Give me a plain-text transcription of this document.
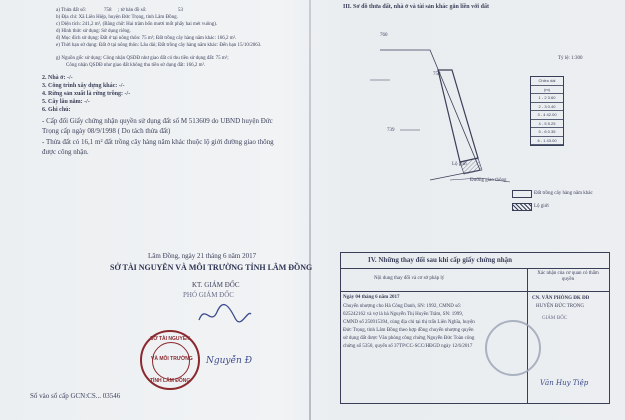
a) Thửa đất số:	758 ; tờ bản đồ số:	53
b) Địa chỉ: Xã Liên Hiệp, huyện Đức Trọng, tỉnh Lâm Đồng.
c) Diện tích: 241,2 m², (Bằng chữ: Hai trăm bốn mươi mốt phẩy hai mét vuông).
d) Hình thức sử dụng: Sử dụng riêng.
đ) Mục đích sử dụng: Đất ở tại nông thôn: 75 m²; Đất trồng cây hàng năm khác: 166,2 m².
e) Thời hạn sử dụng: Đất ở tại nông thôn: Lâu dài; Đất trồng cây hàng năm khác: Đến hạn 15/10/2063.
g) Nguồn gốc sử dụng: Công nhận QSDĐ như giao đất có thu tiền sử dụng đất: 75 m²;
Công nhận QSDĐ như giao đất không thu tiền sử dụng đất: 166,2 m².
2. Nhà ở: -/-
3. Công trình xây dựng khác: -/-
4. Rừng sản xuất là rừng trồng: -/-
5. Cây lâu năm: -/-
6. Ghi chú:
- Cấp đổi Giấy chứng nhận quyền sử dụng đất số M 513609 do UBND huyện Đức
Trọng cấp ngày 08/9/1998 ( Do tách thửa đất)
- Thửa đất có 16,1 m² đất trồng cây hàng năm khác thuộc lộ giới đường giao thông
được công nhận.
Lâm Đồng, ngày 21 tháng 6 năm 2017
SỞ TÀI NGUYÊN VÀ MÔI TRƯỜNG TỈNH LÂM ĐỒNG
KT. GIÁM ĐỐC
PHÓ GIÁM ĐỐC
SỞ TÀI NGUYÊN
VÀ MÔI TRƯỜNG
TỈNH LÂM ĐỒNG
Nguyễn Đ
Số vào sổ cấp GCN:CS... 03546
III. Sơ đồ thửa đất, nhà ở và tài sản khác gắn liền với đất
Tỷ lệ: 1:300
760
758
739
Lộ giới
Đường giao thông
Chiều dài
(m)
1 - 2 3.60
2 - 3 0.40
3 - 4 42.00
4 - 5 5.25
5 - 6 0.35
6 - 1 43.00
Đất trồng cây hàng năm khác
Lộ giới
IV. Những thay đổi sau khi cấp giấy chứng nhận
Nội dung thay đổi và cơ sở pháp lý
Xác nhận của cơ quan có thẩm quyền
Ngày 04 tháng 6 năm 2017
Chuyển nhượng cho Hà Công Danh, SN: 1992, CMND số:
025242162 và vợ là bà Nguyễn Thị Huyền Trâm, SN: 1999,
CMND số 250915394, cùng địa chỉ tại thị trấn Liên Nghĩa, huyện
Đức Trọng, tỉnh Lâm Đồng theo hợp đồng chuyển nhượng quyền
sử dụng đất được Văn phòng công chứng Nguyễn Đức Toàn công
chứng số 5350, quyển số 37TP/CC-SCC/HĐGD ngày 12/6/2017
CN. VĂN PHÒNG ĐK ĐĐ
HUYỆN ĐỨC TRỌNG
GIÁM ĐỐC
Văn Huy Tiệp
